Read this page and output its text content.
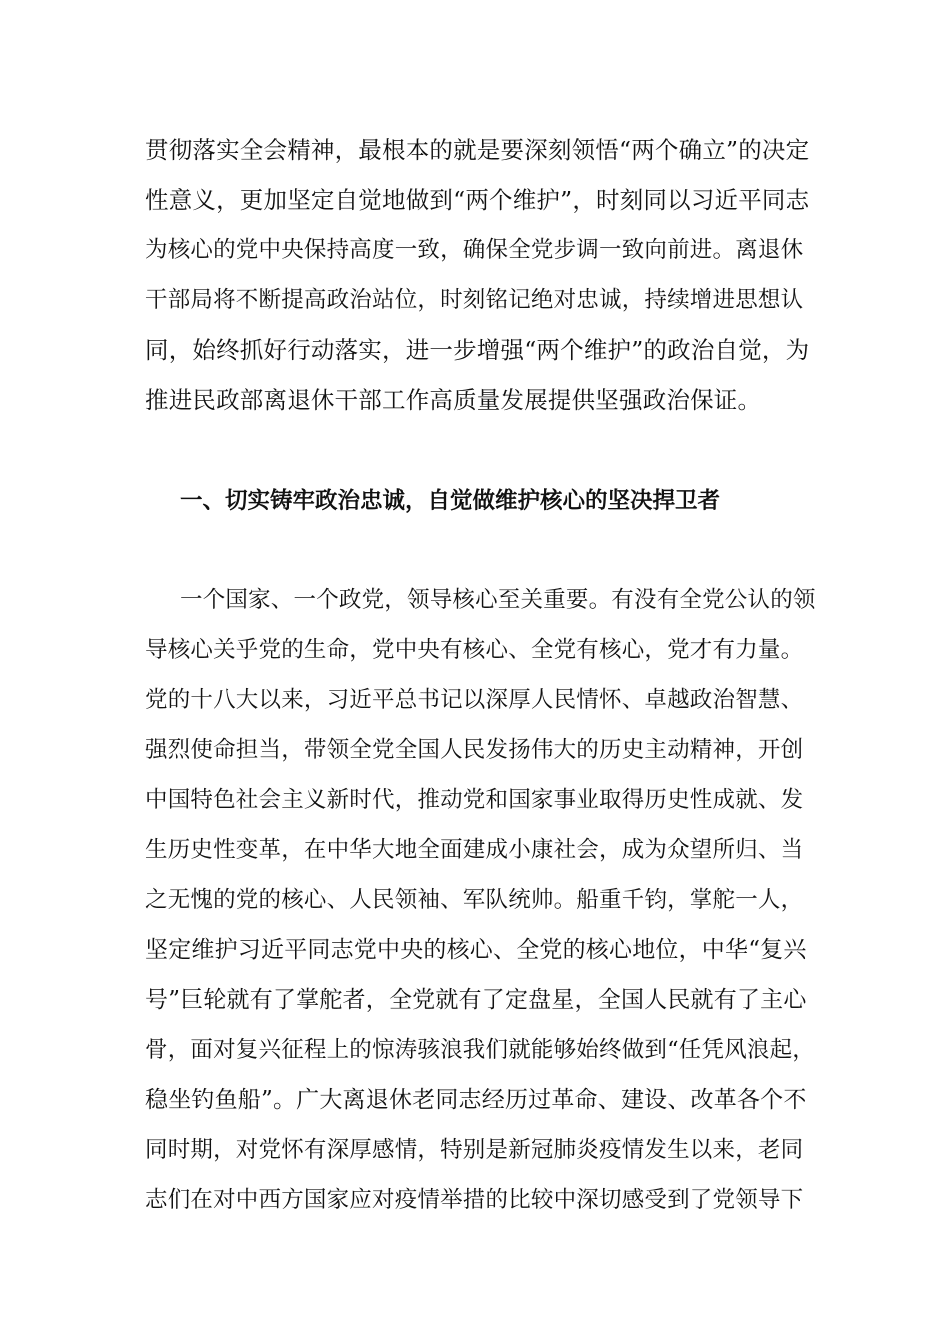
贯彻落实全会精神，最根本的就是要深刻领悟“两个确立”的决定
性意义，更加坚定自觉地做到“两个维护”，时刻同以习近平同志
为核心的党中央保持高度一致，确保全党步调一致向前进。离退休
干部局将不断提高政治站位，时刻铭记绝对忠诚，持续增进思想认
同，始终抓好行动落实，进一步增强“两个维护”的政治自觉，为
推进民政部离退休干部工作高质量发展提供坚强政治保证。
一、切实铸牢政治忠诚，自觉做维护核心的坚决捍卫者
一个国家、一个政党，领导核心至关重要。有没有全党公认的领
导核心关乎党的生命，党中央有核心、全党有核心，党才有力量。
党的十八大以来，习近平总书记以深厚人民情怀、卓越政治智慧、
强烈使命担当，带领全党全国人民发扬伟大的历史主动精神，开创
中国特色社会主义新时代，推动党和国家事业取得历史性成就、发
生历史性变革，在中华大地全面建成小康社会，成为众望所归、当
之无愧的党的核心、人民领袖、军队统帅。船重千钧，掌舵一人，
坚定维护习近平同志党中央的核心、全党的核心地位，中华“复兴
号”巨轮就有了掌舵者，全党就有了定盘星，全国人民就有了主心
骨，面对复兴征程上的惊涛骇浪我们就能够始终做到“任凭风浪起，
稳坐钓鱼船”。广大离退休老同志经历过革命、建设、改革各个不
同时期，对党怀有深厚感情，特别是新冠肺炎疫情发生以来，老同
志们在对中西方国家应对疫情举措的比较中深切感受到了党领导下
